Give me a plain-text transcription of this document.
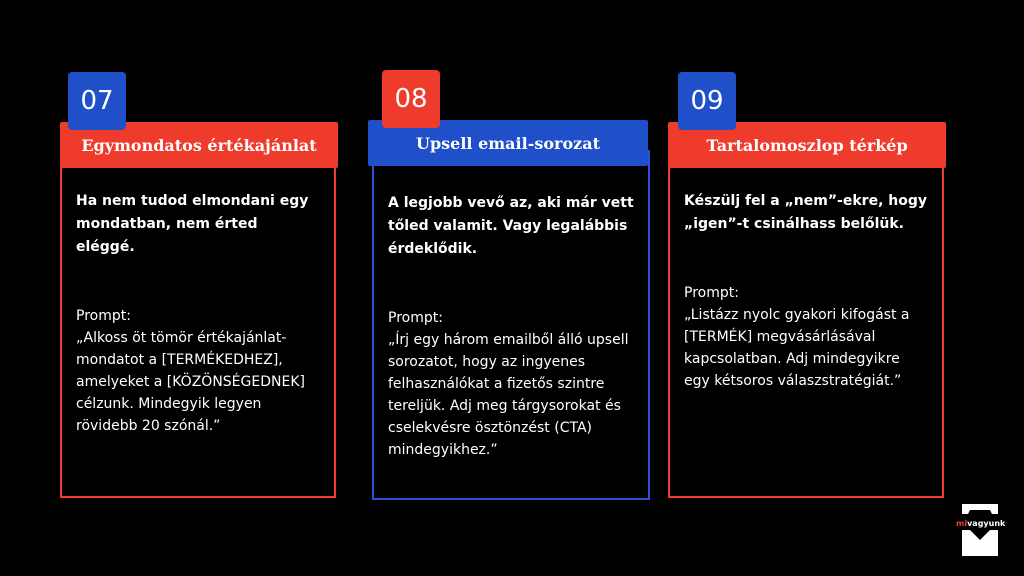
Ha nem tudod elmondani egy mondatban, nem érted eléggé.

Prompt:

„Alkoss öt tömör értékajánlat-mondatot a [TERMÉKEDHEZ], amelyeket a [KÖZÖNSÉGEDNEK] célzunk. Mindegyik legyen rövidebb 20 szónál.”

Egymondatos értékajánlat
07

A legjobb vevő az, aki már vett tőled valamit. Vagy legalábbis érdeklődik.

Prompt:

„Írj egy három emailből álló upsell sorozatot, hogy az ingyenes felhasználókat a fizetős szintre tereljük. Adj meg tárgysorokat és cselekvésre ösztönzést (CTA) mindegyikhez.”

Upsell email-sorozat
08

Készülj fel a „nem”-ekre, hogy „igen”-t csinálhass belőlük.

Prompt:

„Listázz nyolc gyakori kifogást a [TERMÉK] megvásárlásával kapcsolatban. Adj mindegyikre egy kétsoros válaszstratégiát.”

Tartalomoszlop térkép
09
mivagyunk
